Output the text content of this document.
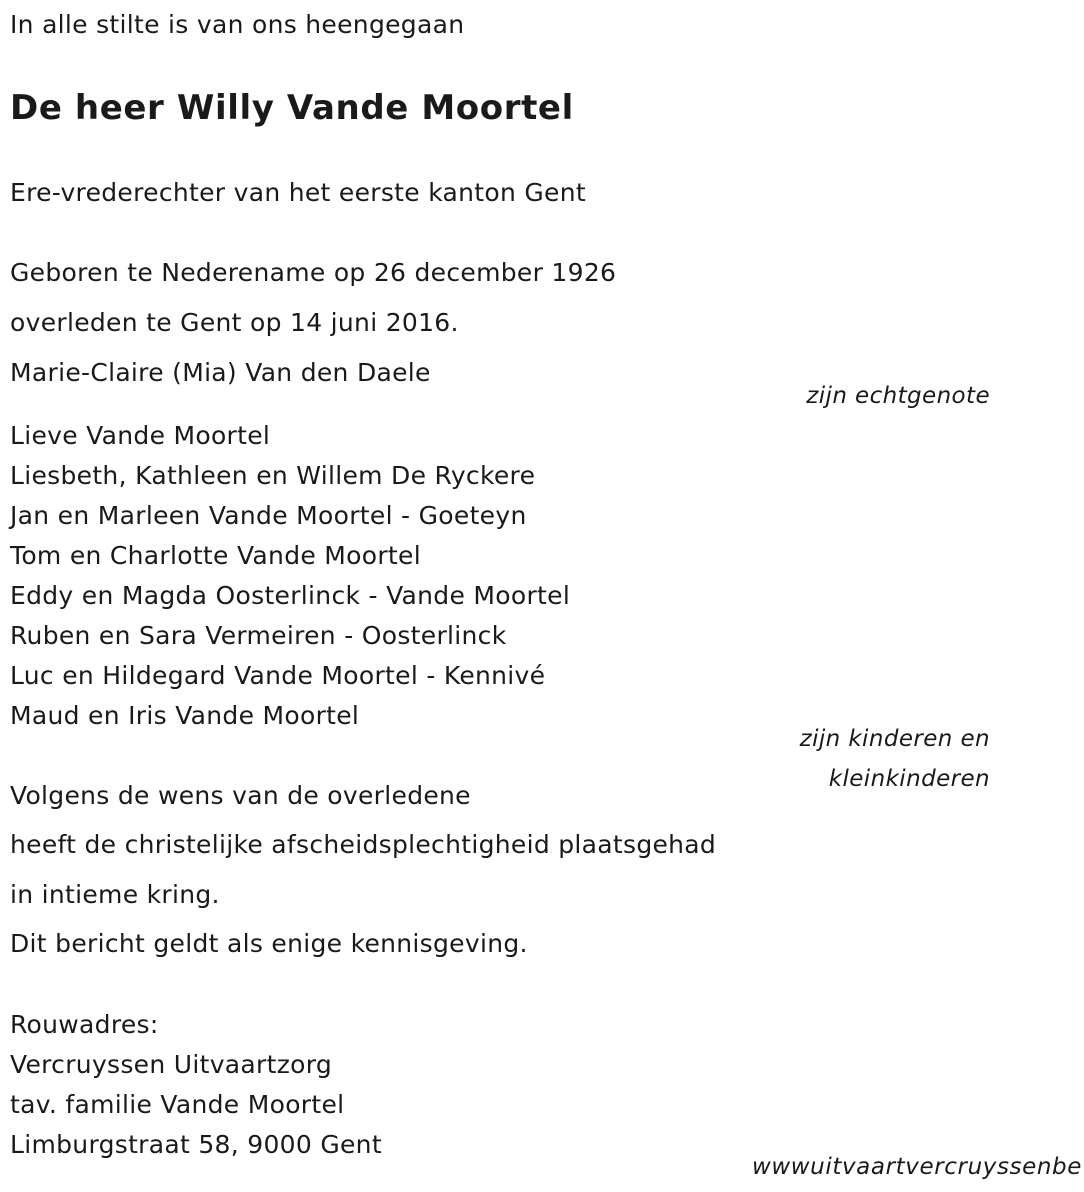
In alle stilte is van ons heengegaan

De heer Willy Vande Moortel

Ere-vrederechter van het eerste kanton Gent

Geboren te Nederename op 26 december 1926

overleden te Gent op 14 juni 2016.

Marie-Claire (Mia) Van den Daele

zijn echtgenote

Lieve Vande Moortel

Liesbeth, Kathleen en Willem De Ryckere

Jan en Marleen Vande Moortel - Goeteyn

Tom en Charlotte Vande Moortel

Eddy en Magda Oosterlinck - Vande Moortel

Ruben en Sara Vermeiren - Oosterlinck

Luc en Hildegard Vande Moortel - Kennivé

Maud en Iris Vande Moortel

zijn kinderen en

kleinkinderen

Volgens de wens van de overledene

heeft de christelijke afscheidsplechtigheid plaatsgehad

in intieme kring.

Dit bericht geldt als enige kennisgeving.

Rouwadres:

Vercruyssen Uitvaartzorg

tav. familie Vande Moortel

Limburgstraat 58, 9000 Gent

wwwuitvaartvercruyssenbe
